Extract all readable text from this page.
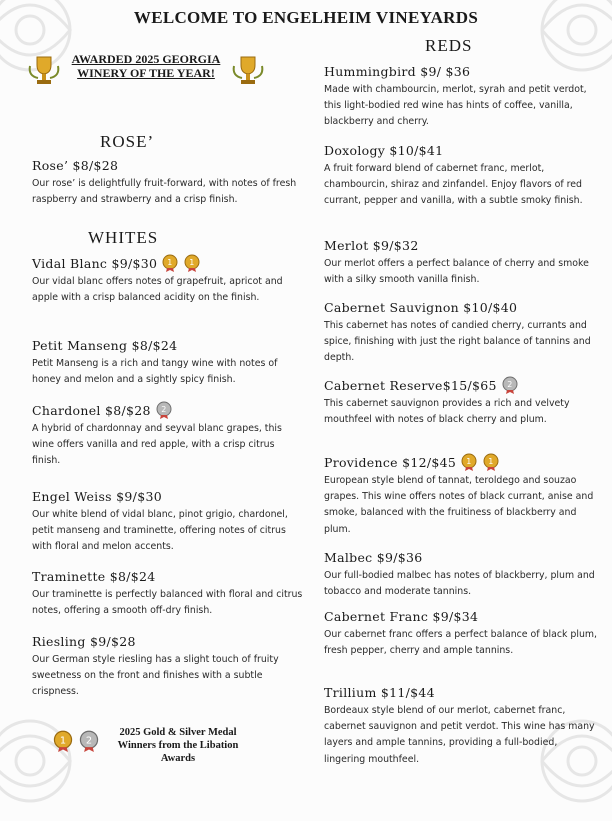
WELCOME TO ENGELHEIM VINEYARDS
AWARDED 2025 GEORGIA WINERY OF THE YEAR!
ROSE’
WHITES
REDS
Rose’ $8/$28
Our rose’ is delightfully fruit-forward, with notes of fresh raspberry and strawberry and a crisp finish.
Vidal Blanc $9/$30 1 1
Our vidal blanc offers notes of grapefruit, apricot and apple with a crisp balanced acidity on the finish.
Petit Manseng $8/$24
Petit Manseng is a rich and tangy wine with notes of honey and melon and a sightly spicy finish.
Chardonel $8/$28 2
A hybrid of chardonnay and seyval blanc grapes, this wine offers vanilla and red apple, with a crisp citrus finish.
Engel Weiss $9/$30
Our white blend of vidal blanc, pinot grigio, chardonel, petit manseng and traminette, offering notes of citrus with floral and melon accents.
Traminette $8/$24
Our traminette is perfectly balanced with floral and citrus notes, offering a smooth off-dry finish.
Riesling $9/$28
Our German style riesling has a slight touch of fruity sweetness on the front and finishes with a subtle crispness.
Hummingbird $9/ $36
Made with chambourcin, merlot, syrah and petit verdot, this light-bodied red wine has hints of coffee, vanilla, blackberry and cherry.
Doxology $10/$41
A fruit forward blend of cabernet franc, merlot, chambourcin, shiraz and zinfandel. Enjoy flavors of red currant, pepper and vanilla, with a subtle smoky finish.
Merlot $9/$32
Our merlot offers a perfect balance of cherry and smoke with a silky smooth vanilla finish.
Cabernet Sauvignon $10/$40
This cabernet has notes of candied cherry, currants and spice, finishing with just the right balance of tannins and depth.
Cabernet Reserve$15/$65 2
This cabernet sauvignon provides a rich and velvety mouthfeel with notes of black cherry and plum.
Providence $12/$45 1 1
European style blend of tannat, teroldego and souzao grapes. This wine offers notes of black currant, anise and smoke, balanced with the fruitiness of blackberry and plum.
Malbec $9/$36
Our full-bodied malbec has notes of blackberry, plum and tobacco and moderate tannins.
Cabernet Franc $9/$34
Our cabernet franc offers a perfect balance of black plum, fresh pepper, cherry and ample tannins.
Trillium $11/$44
Bordeaux style blend of our merlot, cabernet franc, cabernet sauvignon and petit verdot. This wine has many layers and ample tannins, providing a full-bodied, lingering mouthfeel.
1 2
2025 Gold & Silver Medal Winners from the Libation Awards
